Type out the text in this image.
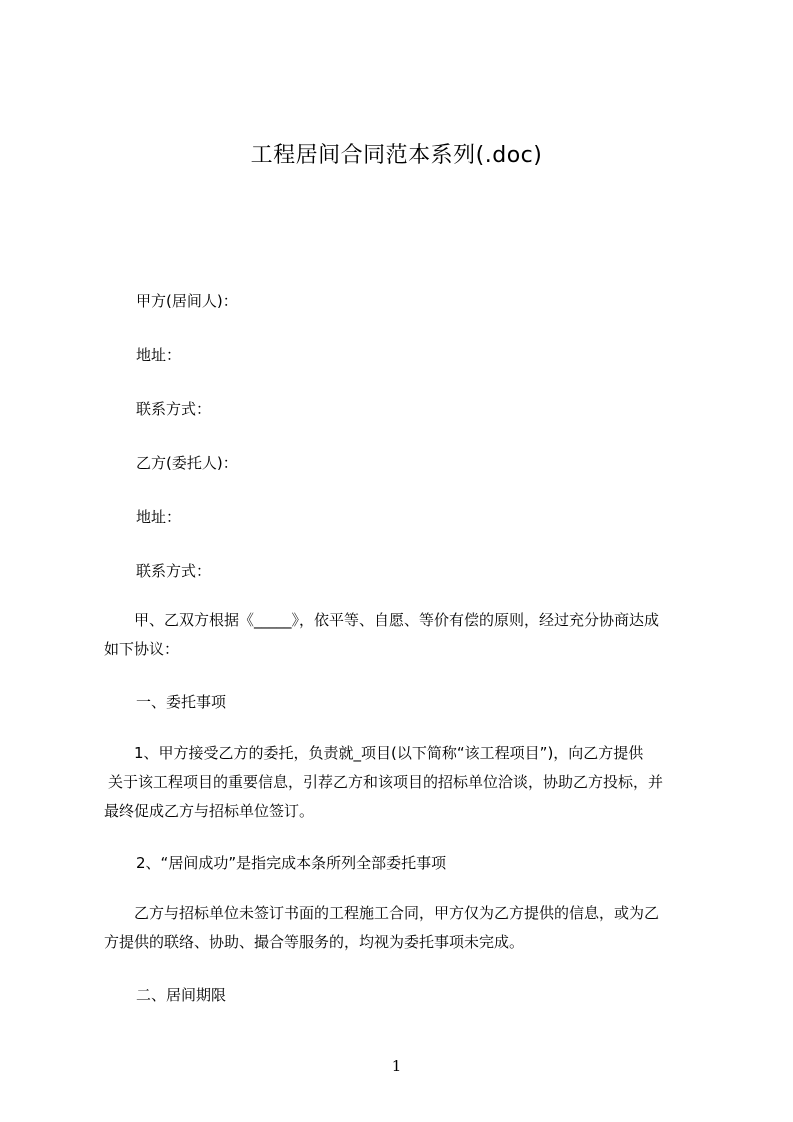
工程居间合同范本系列(.doc)
甲方(居间人)：
地址：
联系方式：
乙方(委托人)：
地址：
联系方式：
甲、乙双方根据《_____》，依平等、自愿、等价有偿的原则，经过充分协商达成
如下协议：
一、委托事项
1、甲方接受乙方的委托，负责就_项目(以下简称“该工程项目”)，向乙方提供
关于该工程项目的重要信息，引荐乙方和该项目的招标单位洽谈，协助乙方投标，并
最终促成乙方与招标单位签订。
2、“居间成功”是指完成本条所列全部委托事项
乙方与招标单位未签订书面的工程施工合同，甲方仅为乙方提供的信息，或为乙
方提供的联络、协助、撮合等服务的，均视为委托事项未完成。
二、居间期限
1
